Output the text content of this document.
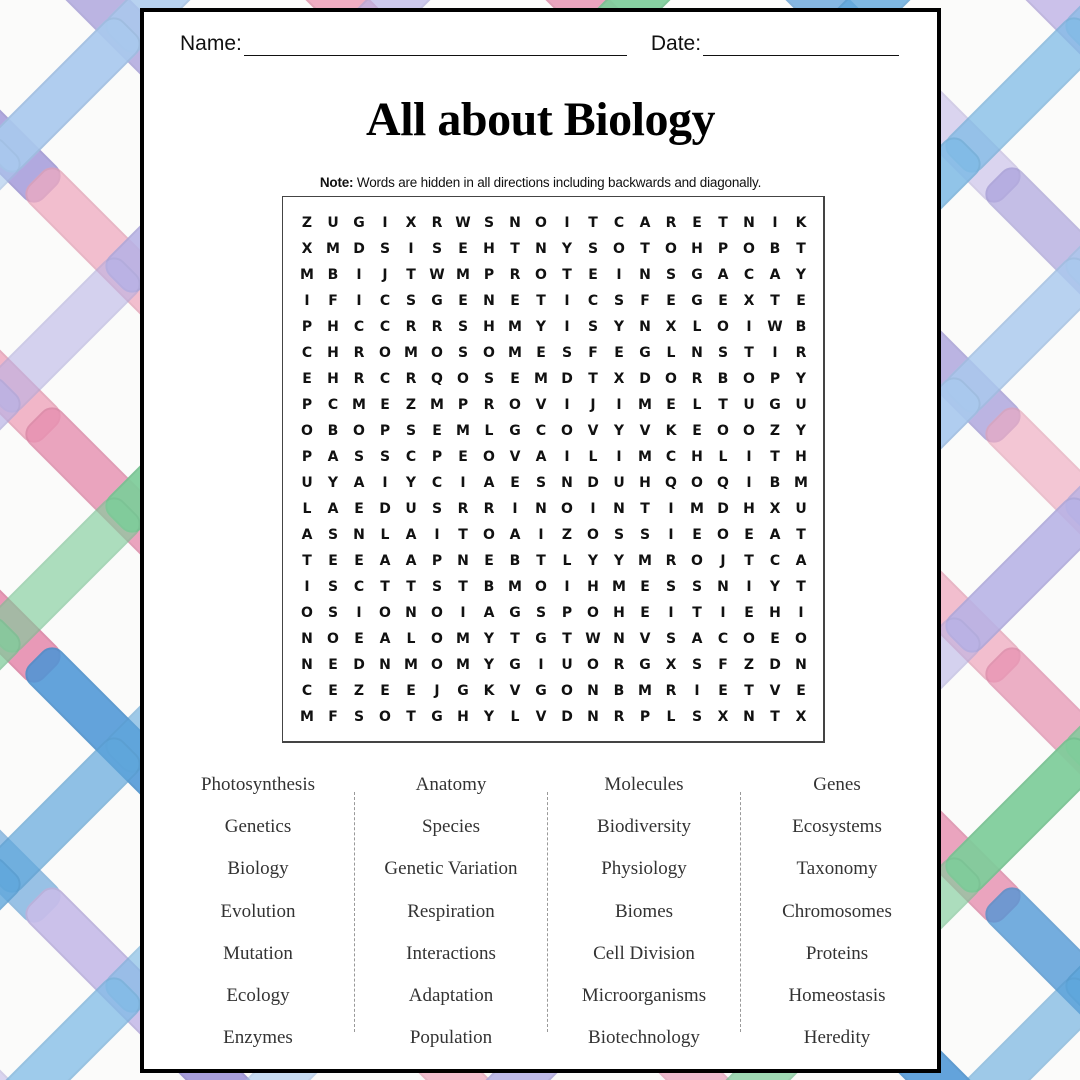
Name:	Date:
All about Biology
Note: Words are hidden in all directions including backwards and diagonally.
Z	U	G	I	X	R W S	N	O	I	T	C	A	R	E	T	N	I	K
X M D	S	I	S	E	H	T	N	Y	S	O	T	O	H	P	O	B	T
M B	I	J	T W M P	R	O	T	E	I	N	S	G	A	C	A	Y
I	F	I	C	S	G	E	N	E	T	I	C	S	F	E	G	E	X	T	E
P	H	C	C	R	R	S	H M Y	I	S	Y	N	X	L	O	I	W B
C	H	R	O M O	S	O M	E	S	F	E	G	L	N	S	T	I	R
E	H	R	C	R	Q	O	S	E	M D	T	X	D	O	R	B	O	P	Y
P	C M	E	Z M P	R	O	V	I	J	I	M	E	L	T	U	G	U
O	B	O	P	S	E	M	L	G	C	O	V	Y	V	K	E	O	O	Z	Y
P	A	S	S	C	P	E	O	V	A	I	L	I	M C	H	L	I	T	H
U	Y	A	I	Y	C	I	A	E	S	N	D	U	H	Q	O	Q	I	B M
L	A	E	D	U	S	R	R	I	N	O	I	N	T	I	M D	H	X	U
A	S	N	L	A	I	T	O	A	I	Z	O	S	S	I	E	O	E	A	T
T	E	E	A	A	P	N	E	B	T	L	Y	Y M R	O	J	T	C	A
I	S	C	T	T	S	T	B M O	I	H M	E	S	S	N	I	Y	T
O	S	I	O	N	O	I	A	G	S	P	O	H	E	I	T	I	E	H	I
N	O	E	A	L	O M Y	T	G	T W N	V	S	A	C	O	E	O
N	E	D	N M O M Y	G	I	U	O	R	G	X	S	F	Z	D	N
C	E	Z	E	E	J	G	K	V	G	O	N	B M R	I	E	T	V	E
M	F	S	O	T	G	H	Y	L	V	D	N	R	P	L	S	X	N	T	X
Photosynthesis
Genetics
Biology
Evolution
Mutation
Ecology
Enzymes
Anatomy
Species
Genetic Variation
Respiration
Interactions
Adaptation
Population
Molecules
Biodiversity
Physiology
Biomes
Cell Division
Microorganisms
Biotechnology
Genes
Ecosystems
Taxonomy
Chromosomes
Proteins
Homeostasis
Heredity
